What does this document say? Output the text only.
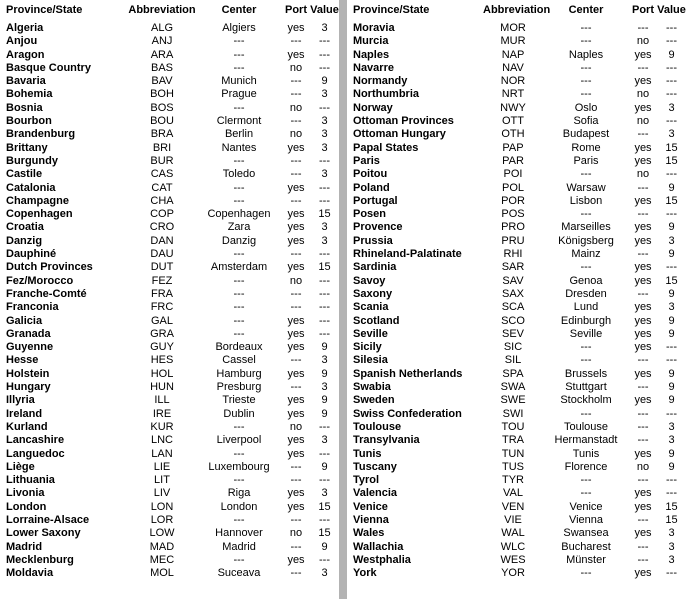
Province/State	Abbreviation	Center	Port	Value
Algeria	ALG	Algiers	yes	3
Anjou	ANJ	---	---	---
Aragon	ARA	---	yes	---
Basque Country	BAS	---	no	---
Bavaria	BAV	Munich	---	9
Bohemia	BOH	Prague	---	3
Bosnia	BOS	---	no	---
Bourbon	BOU	Clermont	---	3
Brandenburg	BRA	Berlin	no	3
Brittany	BRI	Nantes	yes	3
Burgundy	BUR	---	---	---
Castile	CAS	Toledo	---	3
Catalonia	CAT	---	yes	---
Champagne	CHA	---	---	---
Copenhagen	COP	Copenhagen	yes	15
Croatia	CRO	Zara	yes	3
Danzig	DAN	Danzig	yes	3
Dauphiné	DAU	---	---	---
Dutch Provinces	DUT	Amsterdam	yes	15
Fez/Morocco	FEZ	---	no	---
Franche-Comté	FRA	---	---	---
Franconia	FRC	---	---	---
Galicia	GAL	---	yes	---
Granada	GRA	---	yes	---
Guyenne	GUY	Bordeaux	yes	9
Hesse	HES	Cassel	---	3
Holstein	HOL	Hamburg	yes	9
Hungary	HUN	Presburg	---	3
Illyria	ILL	Trieste	yes	9
Ireland	IRE	Dublin	yes	9
Kurland	KUR	---	no	---
Lancashire	LNC	Liverpool	yes	3
Languedoc	LAN	---	yes	---
Liège	LIE	Luxembourg	---	9
Lithuania	LIT	---	---	---
Livonia	LIV	Riga	yes	3
London	LON	London	yes	15
Lorraine-Alsace	LOR	---	---	---
Lower Saxony	LOW	Hannover	no	15
Madrid	MAD	Madrid	---	9
Mecklenburg	MEC	---	yes	---
Moldavia	MOL	Suceava	---	3
Province/State	Abbreviation	Center	Port	Value
Moravia	MOR	---	---	---
Murcia	MUR	---	no	---
Naples	NAP	Naples	yes	9
Navarre	NAV	---	---	---
Normandy	NOR	---	yes	---
Northumbria	NRT	---	no	---
Norway	NWY	Oslo	yes	3
Ottoman Provinces	OTT	Sofia	no	---
Ottoman Hungary	OTH	Budapest	---	3
Papal States	PAP	Rome	yes	15
Paris	PAR	Paris	yes	15
Poitou	POI	---	no	---
Poland	POL	Warsaw	---	9
Portugal	POR	Lisbon	yes	15
Posen	POS	---	---	---
Provence	PRO	Marseilles	yes	9
Prussia	PRU	Königsberg	yes	3
Rhineland-Palatinate	RHI	Mainz	---	9
Sardinia	SAR	---	yes	---
Savoy	SAV	Genoa	yes	15
Saxony	SAX	Dresden	---	9
Scania	SCA	Lund	yes	3
Scotland	SCO	Edinburgh	yes	9
Seville	SEV	Seville	yes	9
Sicily	SIC	---	yes	---
Silesia	SIL	---	---	---
Spanish Netherlands	SPA	Brussels	yes	9
Swabia	SWA	Stuttgart	---	9
Sweden	SWE	Stockholm	yes	9
Swiss Confederation	SWI	---	---	---
Toulouse	TOU	Toulouse	---	3
Transylvania	TRA	Hermanstadt	---	3
Tunis	TUN	Tunis	yes	9
Tuscany	TUS	Florence	no	9
Tyrol	TYR	---	---	---
Valencia	VAL	---	yes	---
Venice	VEN	Venice	yes	15
Vienna	VIE	Vienna	---	15
Wales	WAL	Swansea	yes	3
Wallachia	WLC	Bucharest	---	3
Westphalia	WES	Münster	---	3
York	YOR	---	yes	---
